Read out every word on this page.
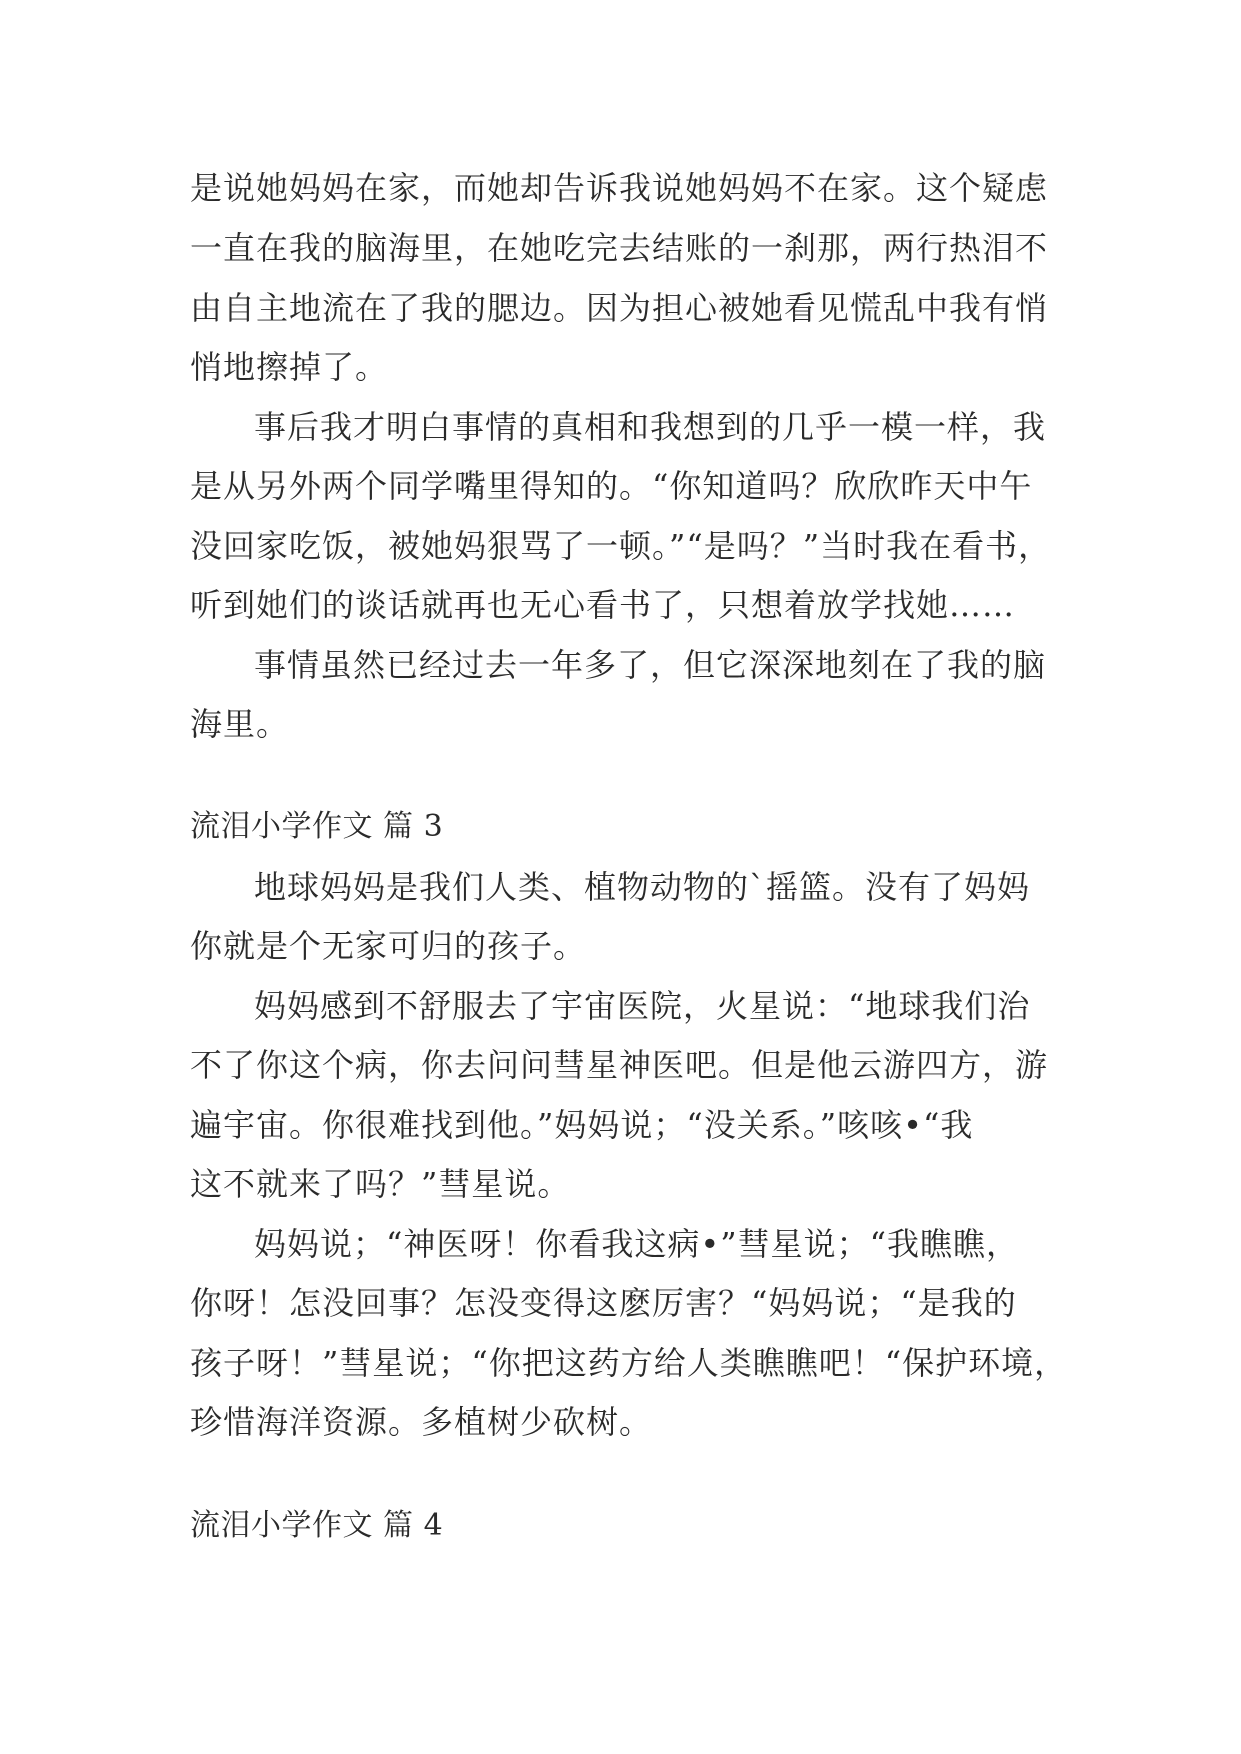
是说她妈妈在家，而她却告诉我说她妈妈不在家。这个疑虑
一直在我的脑海里，在她吃完去结账的一刹那，两行热泪不
由自主地流在了我的腮边。因为担心被她看见慌乱中我有悄
悄地擦掉了。
事后我才明白事情的真相和我想到的几乎一模一样，我
是从另外两个同学嘴里得知的。“你知道吗？欣欣昨天中午
没回家吃饭，被她妈狠骂了一顿。”“是吗？”当时我在看书，
听到她们的谈话就再也无心看书了，只想着放学找她……
事情虽然已经过去一年多了，但它深深地刻在了我的脑
海里。
流泪小学作文 篇 3
地球妈妈是我们人类、植物动物的`摇篮。没有了妈妈
你就是个无家可归的孩子。
妈妈感到不舒服去了宇宙医院，火星说：“地球我们治
不了你这个病，你去问问彗星神医吧。但是他云游四方，游
遍宇宙。你很难找到他。”妈妈说；“没关系。”咳咳•“我
这不就来了吗？”彗星说。
妈妈说；“神医呀！你看我这病•”彗星说；“我瞧瞧，
你呀！怎没回事？怎没变得这麽厉害？“妈妈说；“是我的
孩子呀！”彗星说；“你把这药方给人类瞧瞧吧！“保护环境，
珍惜海洋资源。多植树少砍树。
流泪小学作文 篇 4
